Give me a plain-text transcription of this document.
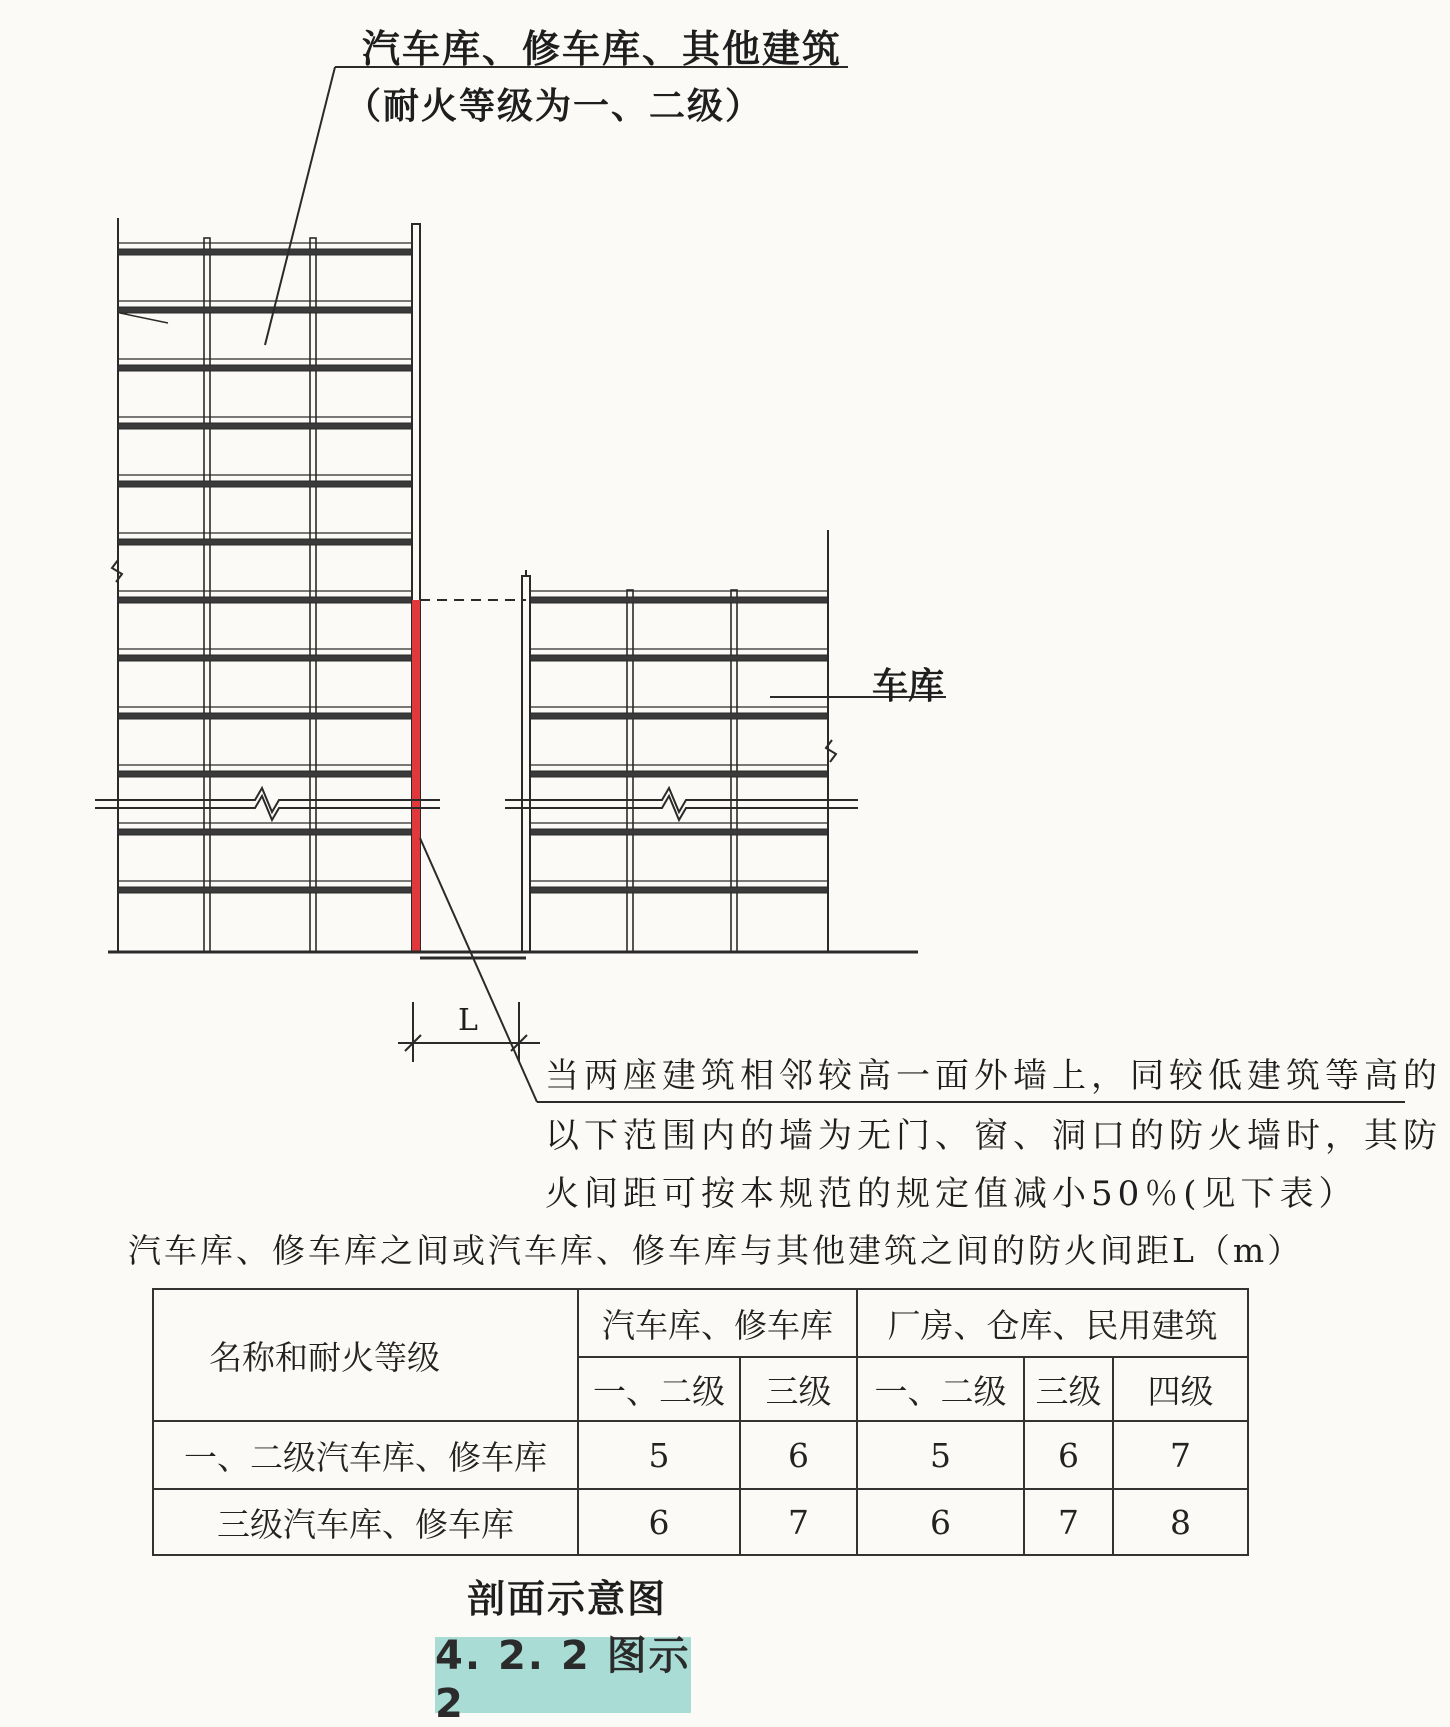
汽车库、修车库、其他建筑
（耐火等级为一、二级）
车库
L
当两座建筑相邻较高一面外墙上，同较低建筑等高的
以下范围内的墙为无门、窗、洞口的防火墙时，其防
火间距可按本规范的规定值减小50％(见下表）
汽车库、修车库之间或汽车库、修车库与其他建筑之间的防火间距L（m）
名称和耐火等级	汽车库、修车库		厂房、仓库、民用建筑		
	一、二级	三级	一、二级	三级	四级
一、二级汽车库、修车库	5	6	5	6	7
三级汽车库、修车库	6	7	6	7	8
剖面示意图
4. 2. 2 图示2
